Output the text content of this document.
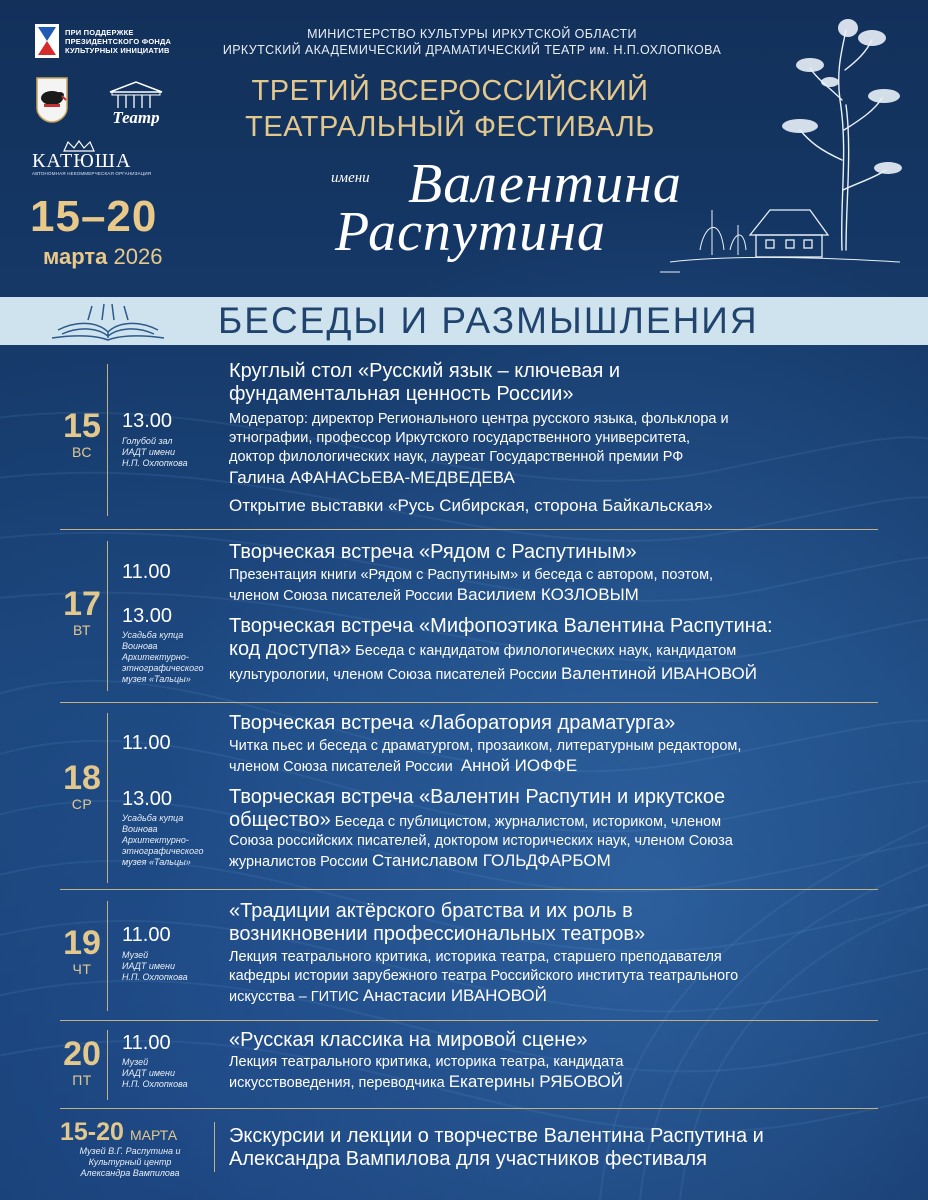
ПРИ ПОДДЕРЖКЕ
ПРЕЗИДЕНТСКОГО ФОНДА
КУЛЬТУРНЫХ ИНИЦИАТИВ
Театр
КАТЮША
АВТОНОМНАЯ НЕКОММЕРЧЕСКАЯ ОРГАНИЗАЦИЯ
15–20
марта 2026
МИНИСТЕРСТВО КУЛЬТУРЫ ИРКУТСКОЙ ОБЛАСТИ
ИРКУТСКИЙ АКАДЕМИЧЕСКИЙ ДРАМАТИЧЕСКИЙ ТЕАТР им. Н.П.ОХЛОПКОВА
ТРЕТИЙ ВСЕРОССИЙСКИЙ
ТЕАТРАЛЬНЫЙ ФЕСТИВАЛЬ
имени Валентина
Распутина
БЕСЕДЫ И РАЗМЫШЛЕНИЯ
15
ВС
13.00
Голубой зал
ИАДТ имени
Н.П. Охлопкова
Круглый стол «Русский язык – ключевая и
фундаментальная ценность России»
Модератор: директор Регионального центра русского языка, фольклора и
этнографии, профессор Иркутского государственного университета,
доктор филологических наук, лауреат Государственной премии РФ
Галина АФАНАСЬЕВА-МЕДВЕДЕВА
Открытие выставки «Русь Сибирская, сторона Байкальская»
17
ВТ
11.00
13.00
Усадьба купца
Воинова
Архитектурно-
этнографического
музея «Тальцы»
Творческая встреча «Рядом с Распутиным»
Презентация книги «Рядом с Распутиным» и беседа с автором, поэтом,
членом Союза писателей России Василием КОЗЛОВЫМ
Творческая встреча «Мифопоэтика Валентина Распутина:
код доступа» Беседа с кандидатом филологических наук, кандидатом
культурологии, членом Союза писателей России Валентиной ИВАНОВОЙ
18
СР
11.00
13.00
Усадьба купца
Воинова
Архитектурно-
этнографического
музея «Тальцы»
Творческая встреча «Лаборатория драматурга»
Читка пьес и беседа с драматургом, прозаиком, литературным редактором,
членом Союза писателей России Анной ИОФФЕ
Творческая встреча «Валентин Распутин и иркутское
общество» Беседа с публицистом, журналистом, историком, членом
Союза российских писателей, доктором исторических наук, членом Союза
журналистов России Станиславом ГОЛЬДФАРБОМ
19
ЧТ
11.00
Музей
ИАДТ имени
Н.П. Охлопкова
«Традиции актёрского братства и их роль в
возникновении профессиональных театров»
Лекция театрального критика, историка театра, старшего преподавателя
кафедры истории зарубежного театра Российского института театрального
искусства – ГИТИС Анастасии ИВАНОВОЙ
20
ПТ
11.00
Музей
ИАДТ имени
Н.П. Охлопкова
«Русская классика на мировой сцене»
Лекция театрального критика, историка театра, кандидата
искусствоведения, переводчика Екатерины РЯБОВОЙ
15-20 МАРТА
Музей В.Г. Распутина и
Культурный центр
Александра Вампилова
Экскурсии и лекции о творчестве Валентина Распутина и
Александра Вампилова для участников фестиваля
